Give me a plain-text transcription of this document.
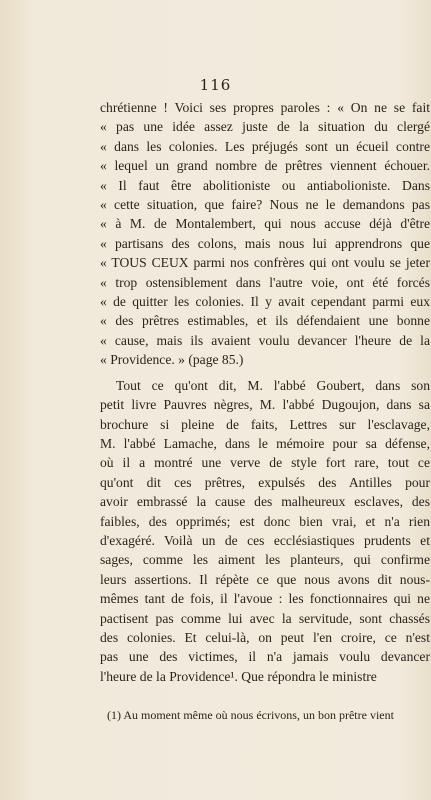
116
chrétienne ! Voici ses propres paroles : « On ne se fait
« pas une idée assez juste de la situation du clergé
« dans les colonies. Les préjugés sont un écueil contre
« lequel un grand nombre de prêtres viennent échouer.
« Il faut être abolitioniste ou antiabolioniste. Dans
« cette situation, que faire? Nous ne le demandons pas
« à M. de Montalembert, qui nous accuse déjà d'être
« partisans des colons, mais nous lui apprendrons que
« TOUS CEUX parmi nos confrères qui ont voulu se jeter
« trop ostensiblement dans l'autre voie, ont été forcés
« de quitter les colonies. Il y avait cependant parmi eux
« des prêtres estimables, et ils défendaient une bonne
« cause, mais ils avaient voulu devancer l'heure de la
« Providence. » (page 85.)
Tout ce qu'ont dit, M. l'abbé Goubert, dans son
petit livre Pauvres nègres, M. l'abbé Dugoujon, dans sa
brochure si pleine de faits, Lettres sur l'esclavage,
M. l'abbé Lamache, dans le mémoire pour sa défense,
où il a montré une verve de style fort rare, tout ce
qu'ont dit ces prêtres, expulsés des Antilles pour
avoir embrassé la cause des malheureux esclaves, des
faibles, des opprimés; est donc bien vrai, et n'a rien
d'exagéré. Voilà un de ces ecclésiastiques prudents et
sages, comme les aiment les planteurs, qui confirme
leurs assertions. Il répète ce que nous avons dit nous-
mêmes tant de fois, il l'avoue : les fonctionnaires qui ne
pactisent pas comme lui avec la servitude, sont chassés
des colonies. Et celui-là, on peut l'en croire, ce n'est
pas une des victimes, il n'a jamais voulu devancer
l'heure de la Providence¹. Que répondra le ministre
(1) Au moment même où nous écrivons, un bon prêtre vient
